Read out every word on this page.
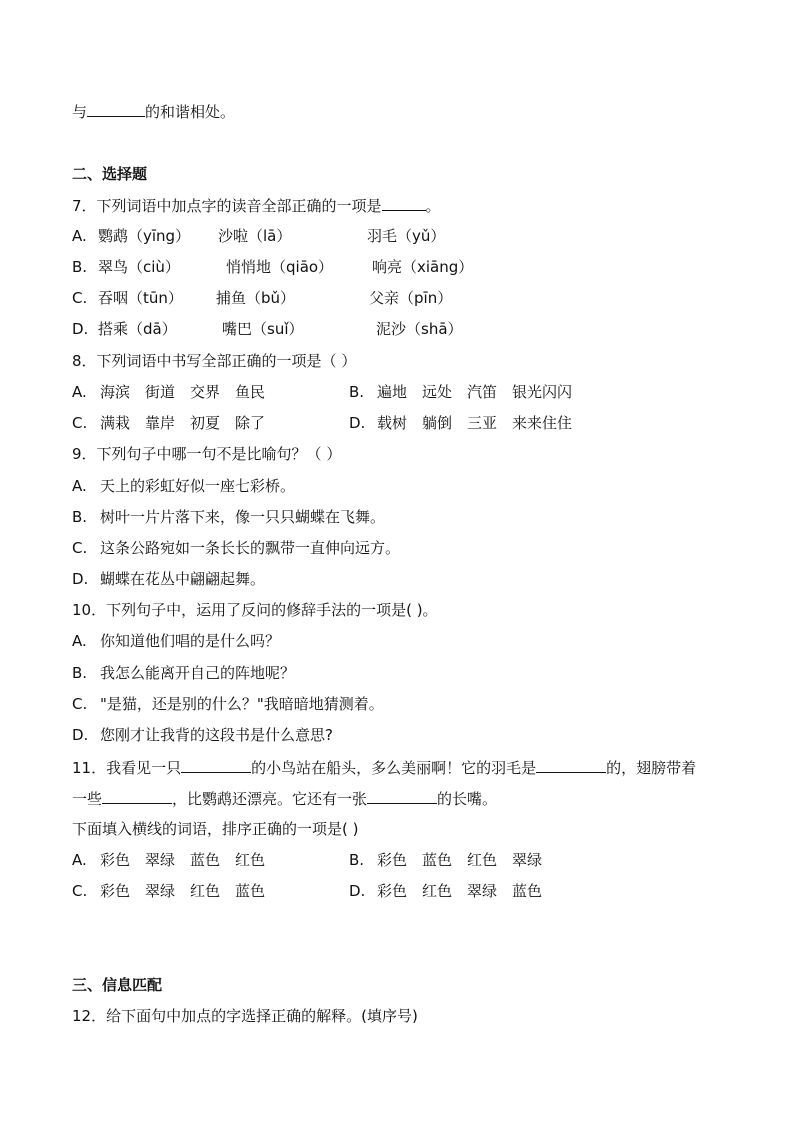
与	的和谐相处。
二、选择题
7．下列词语中加点字的读音全部正确的一项是	。
A. 鹦鹉（yīng） 沙啦（lā）	羽毛（yǔ）
B. 翠鸟（ciù）	悄悄地（qiāo）	响亮（xiāng）
C. 吞咽（tūn） 捕鱼（bǔ）	父亲（pīn）
D. 搭乘（dā）	嘴巴（suǐ）	泥沙（shā）
8．下列词语中书写全部正确的一项是（ ）
A. 海滨　街道　交界　鱼民	B. 遍地　远处　汽笛　银光闪闪
C. 满栽　靠岸　初夏　除了	D. 载树　躺倒　三亚　来来住住
9．下列句子中哪一句不是比喻句？（ ）
A. 天上的彩虹好似一座七彩桥。
B. 树叶一片片落下来，像一只只蝴蝶在飞舞。
C. 这条公路宛如一条长长的飘带一直伸向远方。
D. 蝴蝶在花丛中翩翩起舞。
10．下列句子中，运用了反问的修辞手法的一项是( )。
A. 你知道他们唱的是什么吗？
B. 我怎么能离开自己的阵地呢？
C. "是猫，还是别的什么？"我暗暗地猜测着。
D. 您刚才让我背的这段书是什么意思?
11．我看见一只	的小鸟站在船头，多么美丽啊！它的羽毛是	的，翅膀带着
一些	，比鹦鹉还漂亮。它还有一张	的长嘴。
下面填入横线的词语，排序正确的一项是( )
A. 彩色　翠绿　蓝色　红色	B. 彩色　蓝色　红色　翠绿
C. 彩色　翠绿　红色　蓝色	D. 彩色　红色　翠绿　蓝色
三、信息匹配
12．给下面句中加点的字选择正确的解释。(填序号)
